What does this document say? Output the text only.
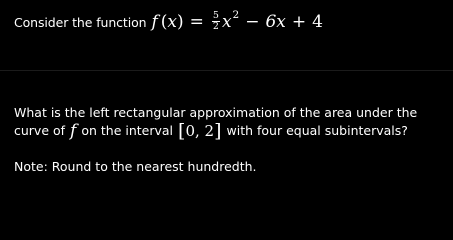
Consider the function f ( x ) = $\frac{5}{2}$ x 2 − 6x + 4
What is the left rectangular approximation of the area under the
curve of f on the interval [ 0, 2 ] with four equal subintervals?
Note: Round to the nearest hundredth.
